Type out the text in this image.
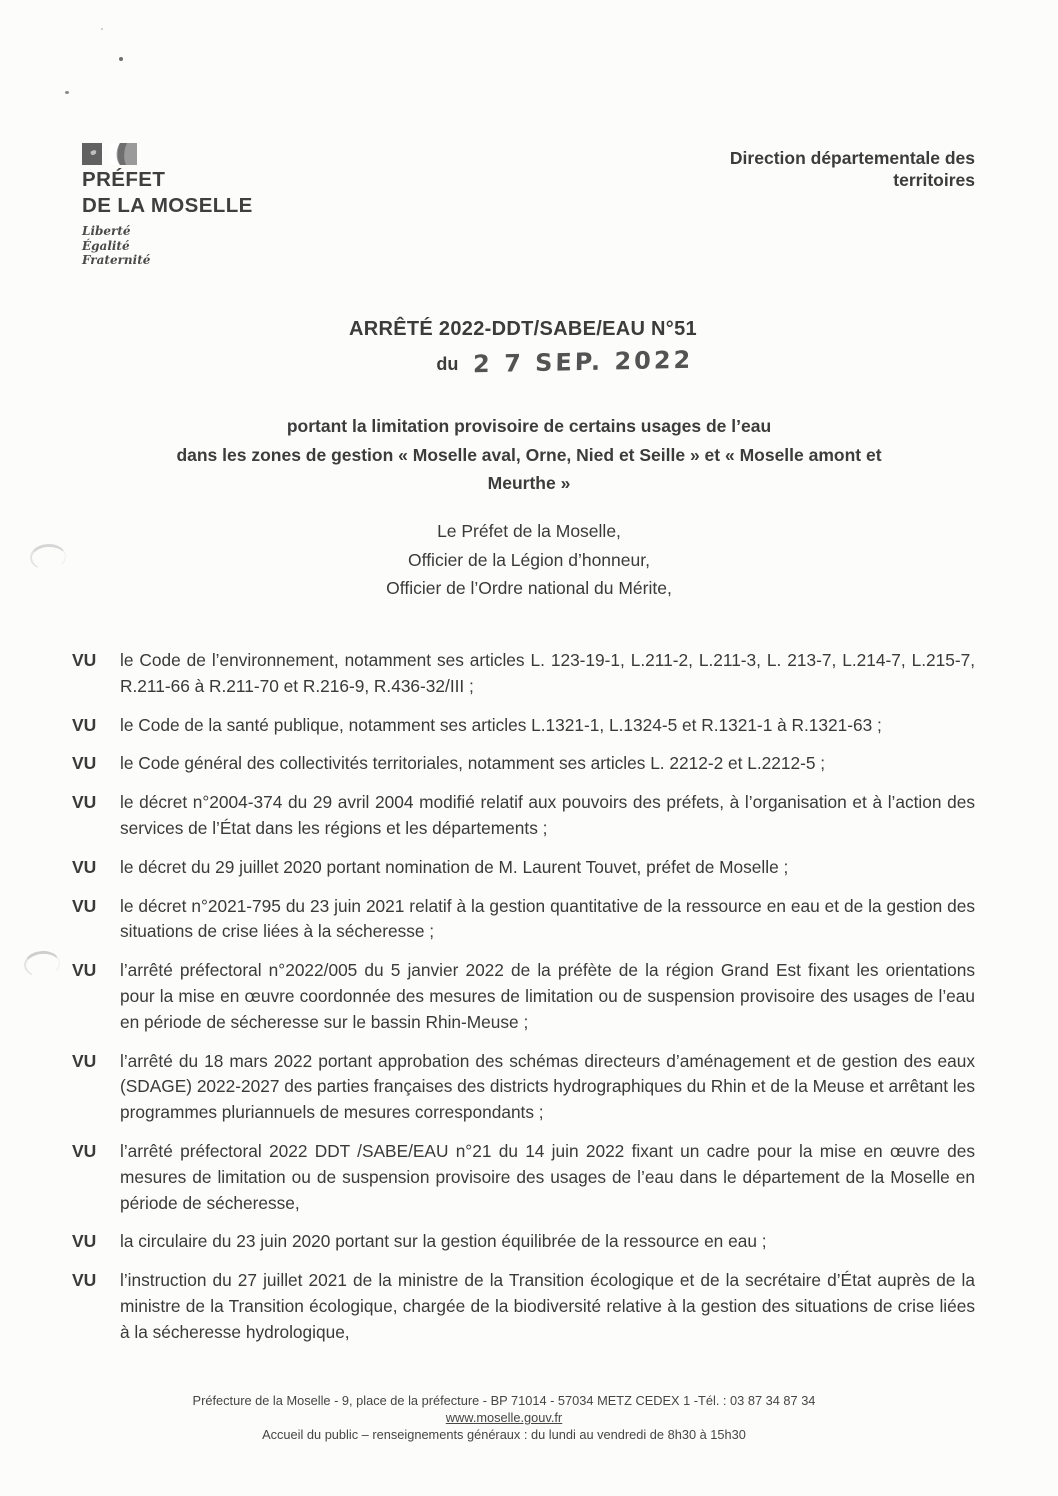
PRÉFET
DE LA MOSELLE
Liberté
Égalité
Fraternité
Direction départementale des
territoires
ARRÊTÉ 2022-DDT/SABE/EAU N°51
du 2 7 SEP. 2022
portant la limitation provisoire de certains usages de l’eau
dans les zones de gestion « Moselle aval, Orne, Nied et Seille » et « Moselle amont et
Meurthe »
Le Préfet de la Moselle,
Officier de la Légion d’honneur,
Officier de l’Ordre national du Mérite,
VU	le Code de l’environnement, notamment ses articles L. 123-19-1, L.211-2, L.211-3, L. 213-7, L.214-7, L.215-7, R.211-66 à R.211-70 et R.216-9, R.436-32/III ;
VU	le Code de la santé publique, notamment ses articles L.1321-1, L.1324-5 et R.1321-1 à R.1321-63 ;
VU	le Code général des collectivités territoriales, notamment ses articles L. 2212-2 et L.2212-5 ;
VU	le décret n°2004-374 du 29 avril 2004 modifié relatif aux pouvoirs des préfets, à l’organisation et à l’action des services de l’État dans les régions et les départements ;
VU	le décret du 29 juillet 2020 portant nomination de M. Laurent Touvet, préfet de Moselle ;
VU	le décret n°2021-795 du 23 juin 2021 relatif à la gestion quantitative de la ressource en eau et de la gestion des situations de crise liées à la sécheresse ;
VU	l’arrêté préfectoral n°2022/005 du 5 janvier 2022 de la préfète de la région Grand Est fixant les orientations pour la mise en œuvre coordonnée des mesures de limitation ou de suspension provisoire des usages de l’eau en période de sécheresse sur le bassin Rhin-Meuse ;
VU	l’arrêté du 18 mars 2022 portant approbation des schémas directeurs d’aménagement et de gestion des eaux (SDAGE) 2022-2027 des parties françaises des districts hydrographiques du Rhin et de la Meuse et arrêtant les programmes pluriannuels de mesures correspondants ;
VU	l’arrêté préfectoral 2022 DDT /SABE/EAU n°21 du 14 juin 2022 fixant un cadre pour la mise en œuvre des mesures de limitation ou de suspension provisoire des usages de l’eau dans le département de la Moselle en période de sécheresse,
VU	la circulaire du 23 juin 2020 portant sur la gestion équilibrée de la ressource en eau ;
VU	l’instruction du 27 juillet 2021 de la ministre de la Transition écologique et de la secrétaire d’État auprès de la ministre de la Transition écologique, chargée de la biodiversité relative à la gestion des situations de crise liées à la sécheresse hydrologique,
Préfecture de la Moselle - 9, place de la préfecture - BP 71014 - 57034 METZ CEDEX 1 -Tél. : 03 87 34 87 34
www.moselle.gouv.fr
Accueil du public – renseignements généraux : du lundi au vendredi de 8h30 à 15h30
